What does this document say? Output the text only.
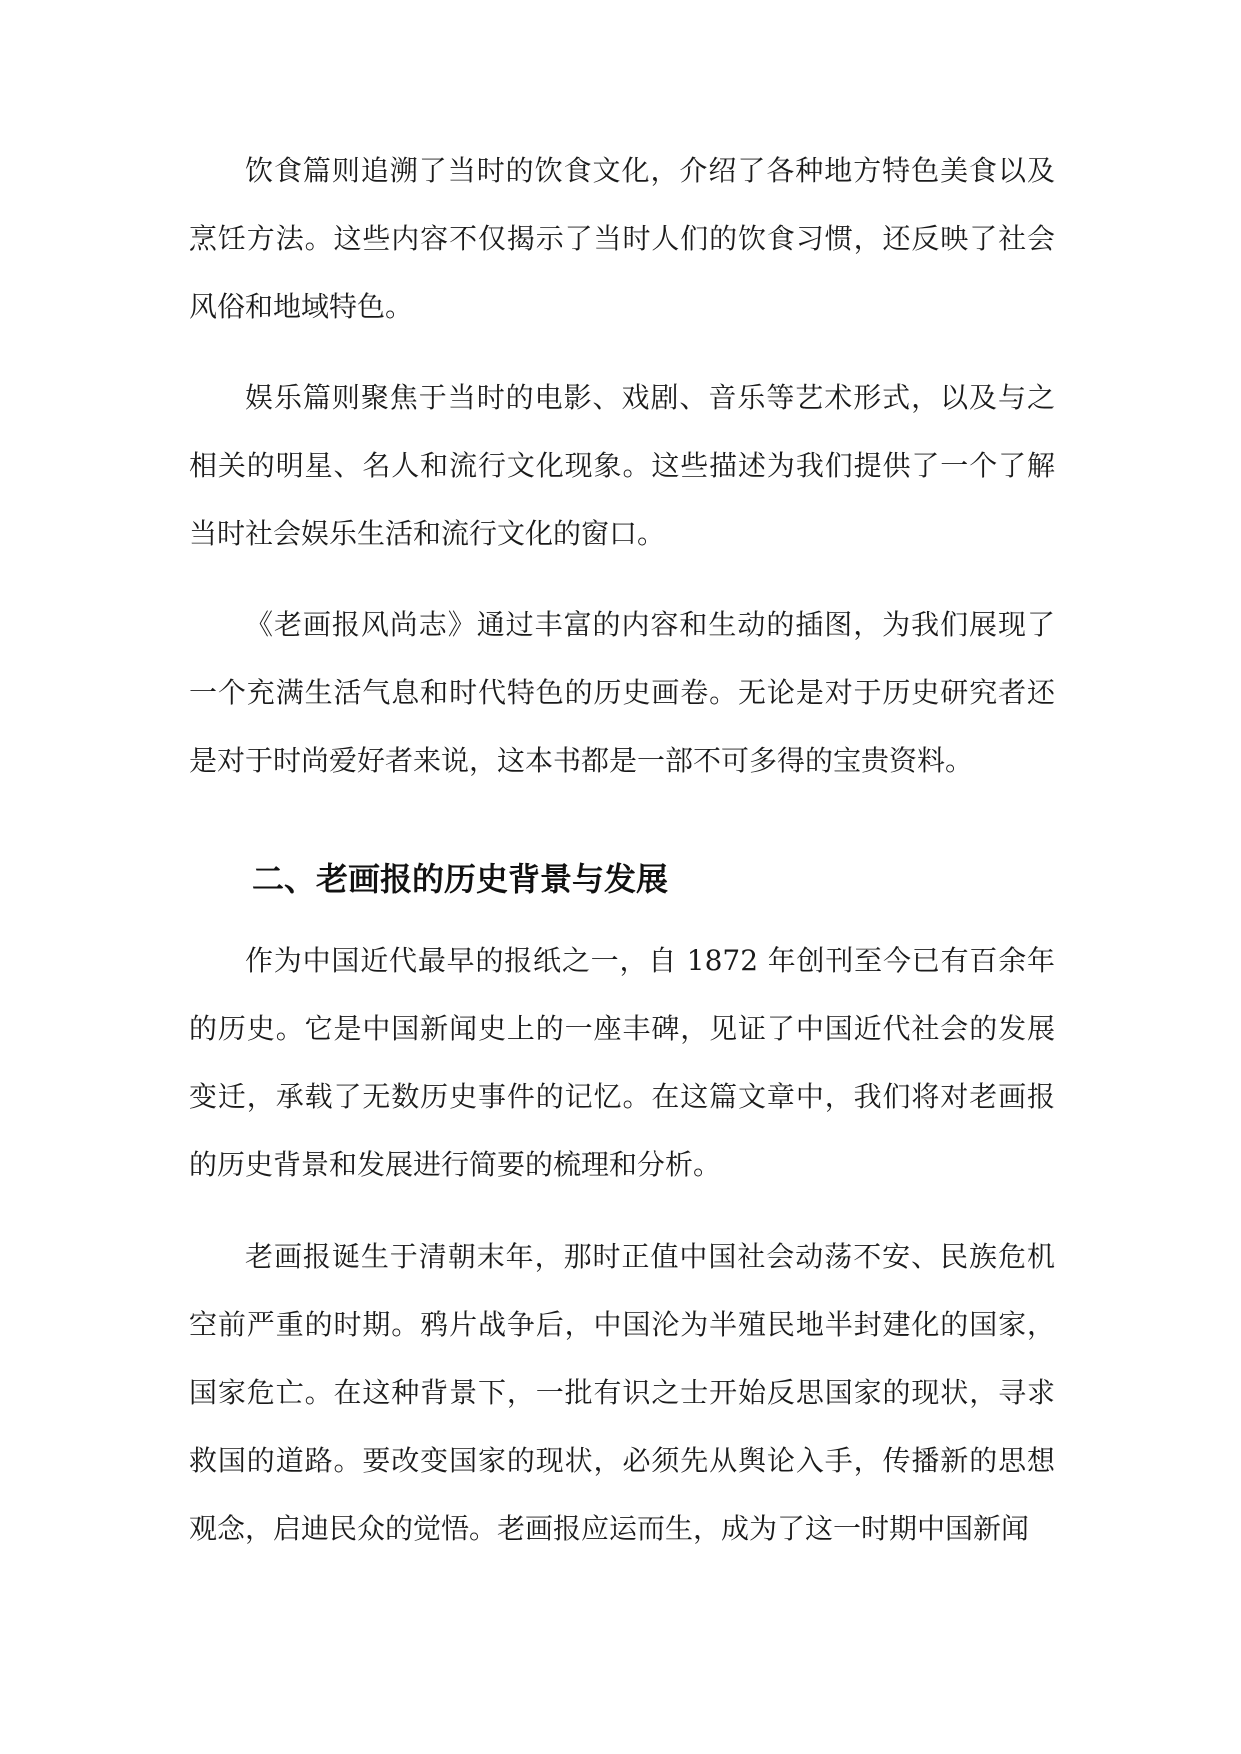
饮食篇则追溯了当时的饮食文化，介绍了各种地方特色美食以及烹饪方法。这些内容不仅揭示了当时人们的饮食习惯，还反映了社会风俗和地域特色。

娱乐篇则聚焦于当时的电影、戏剧、音乐等艺术形式，以及与之相关的明星、名人和流行文化现象。这些描述为我们提供了一个了解当时社会娱乐生活和流行文化的窗口。

《老画报风尚志》通过丰富的内容和生动的插图，为我们展现了一个充满生活气息和时代特色的历史画卷。无论是对于历史研究者还是对于时尚爱好者来说，这本书都是一部不可多得的宝贵资料。

二、老画报的历史背景与发展

作为中国近代最早的报纸之一，自 1872 年创刊至今已有百余年的历史。它是中国新闻史上的一座丰碑，见证了中国近代社会的发展变迁，承载了无数历史事件的记忆。在这篇文章中，我们将对老画报的历史背景和发展进行简要的梳理和分析。

老画报诞生于清朝末年，那时正值中国社会动荡不安、民族危机空前严重的时期。鸦片战争后，中国沦为半殖民地半封建化的国家，国家危亡。在这种背景下，一批有识之士开始反思国家的现状，寻求救国的道路。要改变国家的现状，必须先从舆论入手，传播新的思想观念，启迪民众的觉悟。老画报应运而生，成为了这一时期中国新闻
